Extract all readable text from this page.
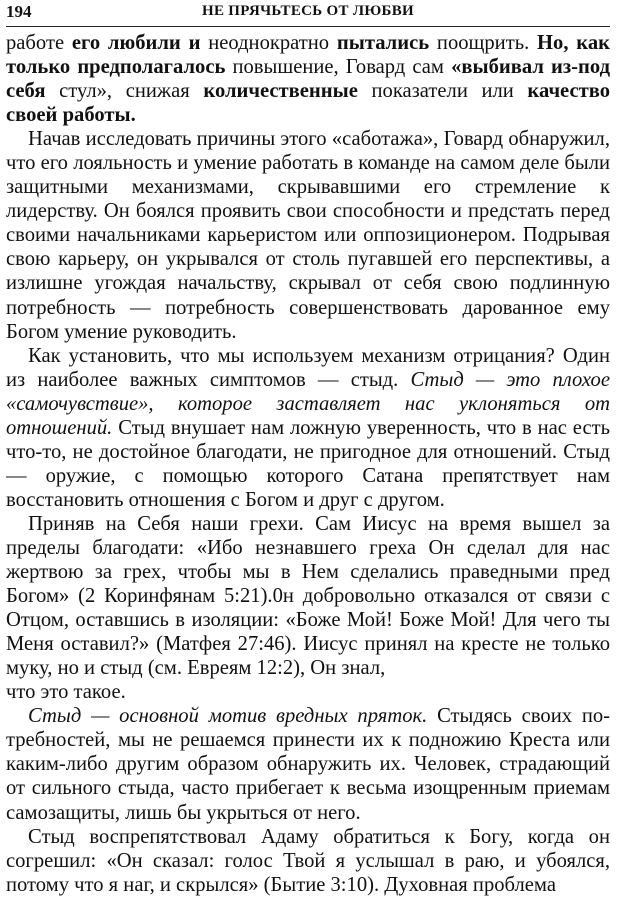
194	НЕ ПРЯЧЬТЕСЬ ОТ ЛЮБВИ

работе его любили и неоднократно пытались поощрить. Но, как только предполагалось повышение, Говард сам «выбивал из-под себя стул», снижая количественные показатели или качество своей работы.

Начав исследовать причины этого «саботажа», Говард обнаружил, что его лояльность и умение работать в команде на самом деле были защитными механизмами, скрывавшими его стремление к лидерству. Он боялся проявить свои способности и предстать перед своими начальниками карьеристом или оппозиционером. Подрывая свою карьеру, он укрывался от столь пугавшей его перспективы, а излишне угождая начальству, скрывал от себя свою подлинную потребность — потребность совершенствовать дарованное ему Богом умение руководить.

Как установить, что мы используем механизм отрицания? Один из наиболее важных симптомов — стыд. Стыд — это плохое «самочувствие», которое заставляет нас уклоняться от отношений. Стыд внушает нам ложную уверенность, что в нас есть что-то, не достойное благодати, не пригодное для отношений. Стыд — оружие, с помощью которого Сатана препятствует нам восстановить отношения с Богом и друг с другом.

Приняв на Себя наши грехи. Сам Иисус на время вышел за пределы благодати: «Ибо незнавшего греха Он сделал для нас жертвою за грех, чтобы мы в Нем сделались праведными пред Богом» (2 Коринфянам 5:21).0н добровольно отказался от связи с Отцом, оставшись в изоляции: «Боже Мой! Боже Мой! Для чего ты Меня оставил?» (Матфея 27:46). Иисус принял на кресте не только муку, но и стыд (см. Евреям 12:2), Он знал,

что это такое.

Стыд — основной мотив вредных пряток. Стыдясь своих по-требностей, мы не решаемся принести их к подножию Креста или каким-либо другим образом обнаружить их. Человек, страдающий от сильного стыда, часто прибегает к весьма изощренным приемам самозащиты, лишь бы укрыться от него.

Стыд воспрепятствовал Адаму обратиться к Богу, когда он согрешил: «Он сказал: голос Твой я услышал в раю, и убоялся, потому что я наг, и скрылся» (Бытие 3:10). Духовная проблема
